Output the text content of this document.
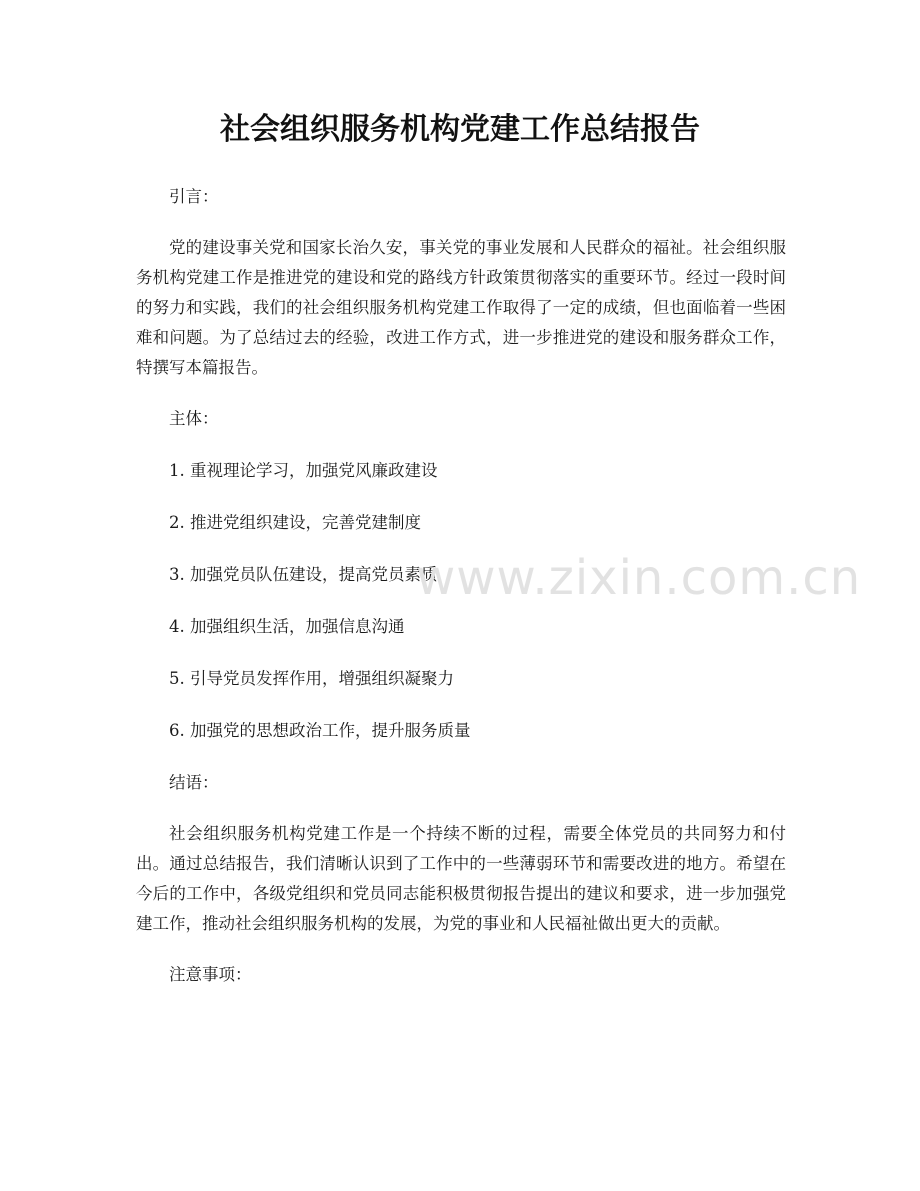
社会组织服务机构党建工作总结报告

引言：

党的建设事关党和国家长治久安，事关党的事业发展和人民群众的福祉。社会组织服务机构党建工作是推进党的建设和党的路线方针政策贯彻落实的重要环节。经过一段时间的努力和实践，我们的社会组织服务机构党建工作取得了一定的成绩，但也面临着一些困难和问题。为了总结过去的经验，改进工作方式，进一步推进党的建设和服务群众工作，特撰写本篇报告。

主体：

1. 重视理论学习，加强党风廉政建设

2. 推进党组织建设，完善党建制度

3. 加强党员队伍建设，提高党员素质

4. 加强组织生活，加强信息沟通

5. 引导党员发挥作用，增强组织凝聚力

6. 加强党的思想政治工作，提升服务质量

结语：

社会组织服务机构党建工作是一个持续不断的过程，需要全体党员的共同努力和付出。通过总结报告，我们清晰认识到了工作中的一些薄弱环节和需要改进的地方。希望在今后的工作中，各级党组织和党员同志能积极贯彻报告提出的建议和要求，进一步加强党建工作，推动社会组织服务机构的发展，为党的事业和人民福祉做出更大的贡献。

注意事项：

www.zixin.com.cn
